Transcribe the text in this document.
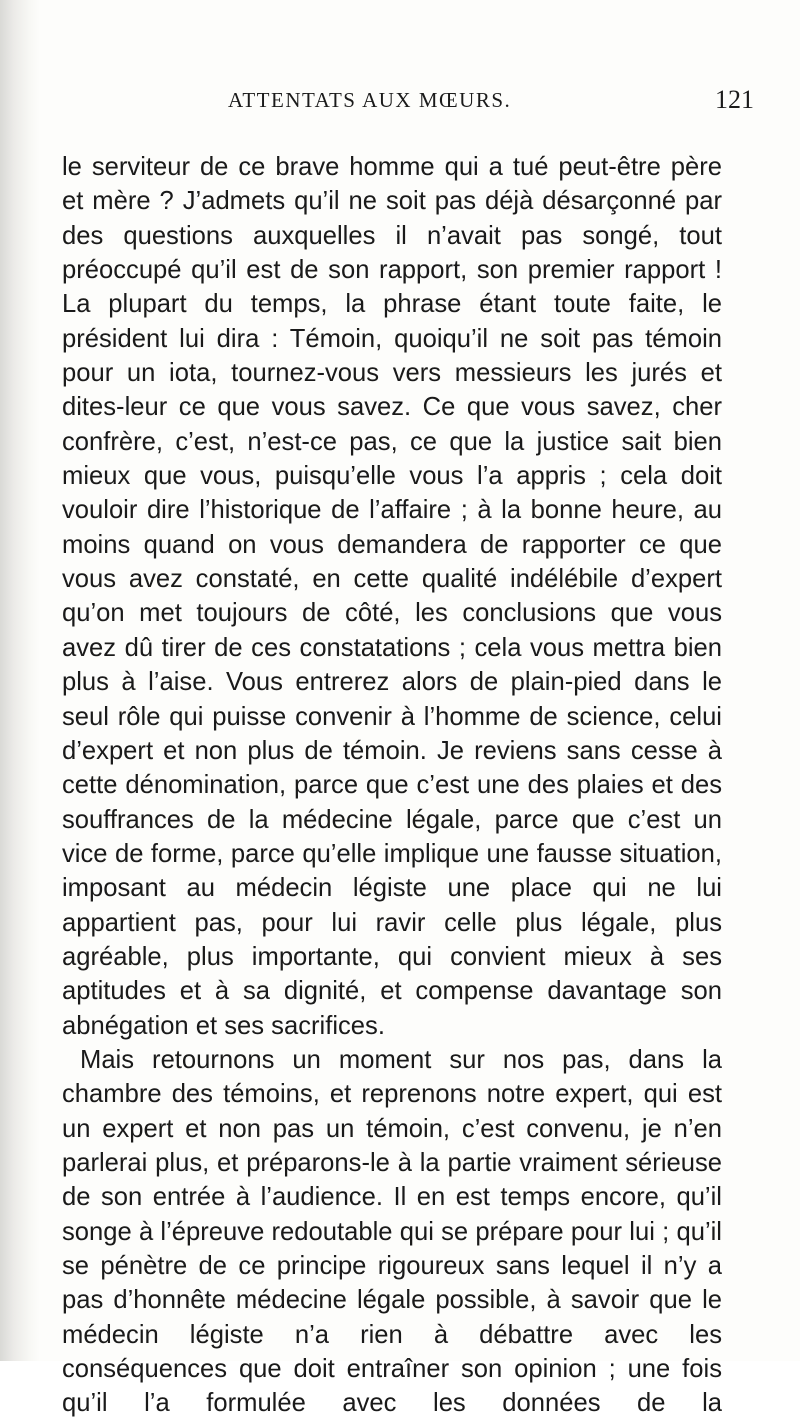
ATTENTATS AUX MŒURS.	121

le serviteur de ce brave homme qui a tué peut-être père et mère ? J’admets qu’il ne soit pas déjà désarçonné par des questions auxquelles il n’avait pas songé, tout préoccupé qu’il est de son rapport, son premier rapport ! La plupart du temps, la phrase étant toute faite, le président lui dira : Témoin, quoiqu’il ne soit pas témoin pour un iota, tournez-vous vers messieurs les jurés et dites-leur ce que vous savez. Ce que vous savez, cher confrère, c’est, n’est-ce pas, ce que la justice sait bien mieux que vous, puisqu’elle vous l’a appris ; cela doit vouloir dire l’historique de l’affaire ; à la bonne heure, au moins quand on vous demandera de rapporter ce que vous avez constaté, en cette qualité indélébile d’expert qu’on met toujours de côté, les conclusions que vous avez dû tirer de ces constatations ; cela vous mettra bien plus à l’aise. Vous entrerez alors de plain-pied dans le seul rôle qui puisse convenir à l’homme de science, celui d’expert et non plus de témoin. Je reviens sans cesse à cette dénomination, parce que c’est une des plaies et des souffrances de la médecine légale, parce que c’est un vice de forme, parce qu’elle implique une fausse situation, imposant au médecin légiste une place qui ne lui appartient pas, pour lui ravir celle plus légale, plus agréable, plus importante, qui convient mieux à ses aptitudes et à sa dignité, et compense davantage son abnégation et ses sacrifices.

Mais retournons un moment sur nos pas, dans la chambre des témoins, et reprenons notre expert, qui est un expert et non pas un témoin, c’est convenu, je n’en parlerai plus, et préparons-le à la partie vraiment sérieuse de son entrée à l’audience. Il en est temps encore, qu’il songe à l’épreuve redoutable qui se prépare pour lui ; qu’il se pénètre de ce principe rigoureux sans lequel il n’y a pas d’honnête médecine légale possible, à savoir que le médecin légiste n’a rien à débattre avec les conséquences que doit entraîner son opinion ; une fois qu’il l’a formulée avec les données de la
